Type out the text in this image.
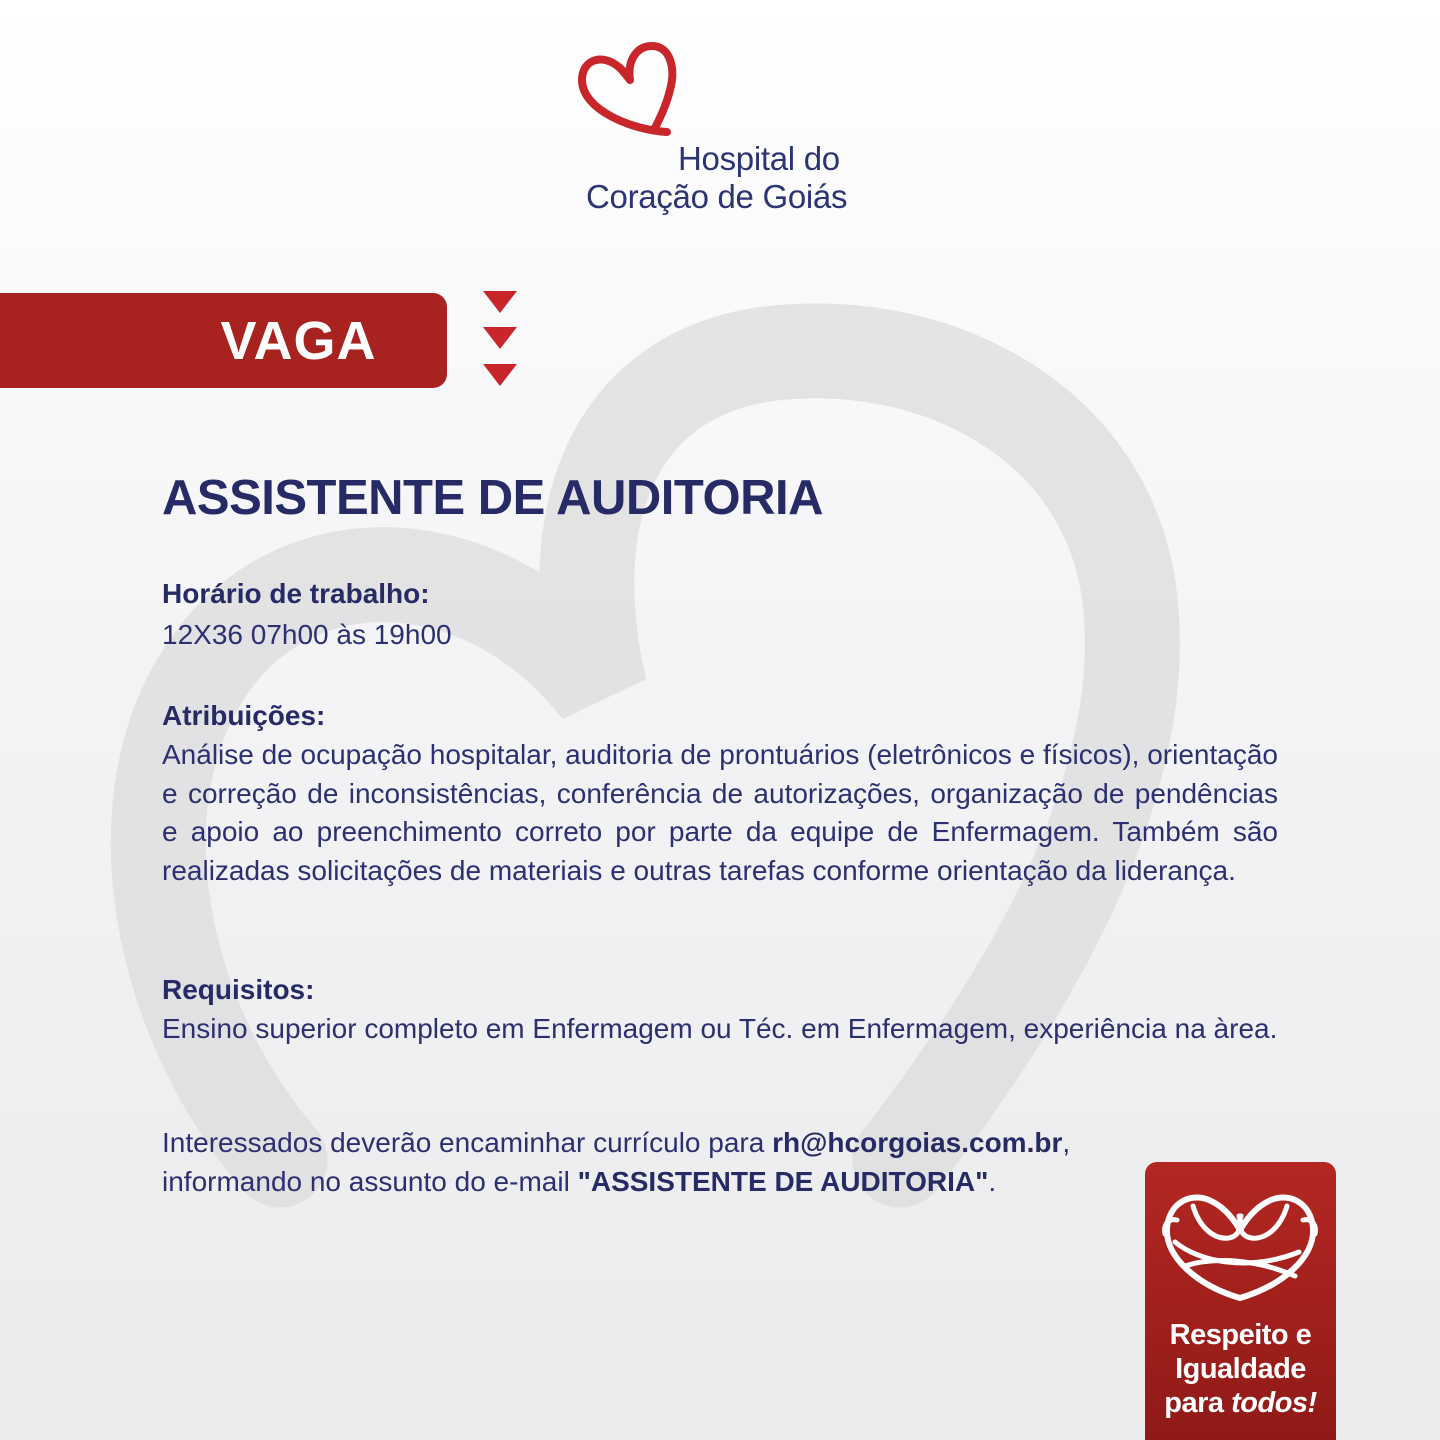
Hospital do
Coração de Goiás
VAGA
ASSISTENTE DE AUDITORIA
Horário de trabalho:
12X36 07h00 às 19h00
Atribuições:
Análise de ocupação hospitalar, auditoria de prontuários (eletrônicos e físicos), orientação e correção de inconsistências, conferência de autorizações, organização de pendências e apoio ao preenchimento correto por parte da equipe de Enfermagem. Também são realizadas solicitações de materiais e outras tarefas conforme orientação da liderança.
Requisitos:
Ensino superior completo em Enfermagem ou Téc. em Enfermagem, experiência na àrea.
Interessados deverão encaminhar currículo para rh@hcorgoias.com.br,
informando no assunto do e-mail "ASSISTENTE DE AUDITORIA".
Respeito e
Igualdade
para todos!
